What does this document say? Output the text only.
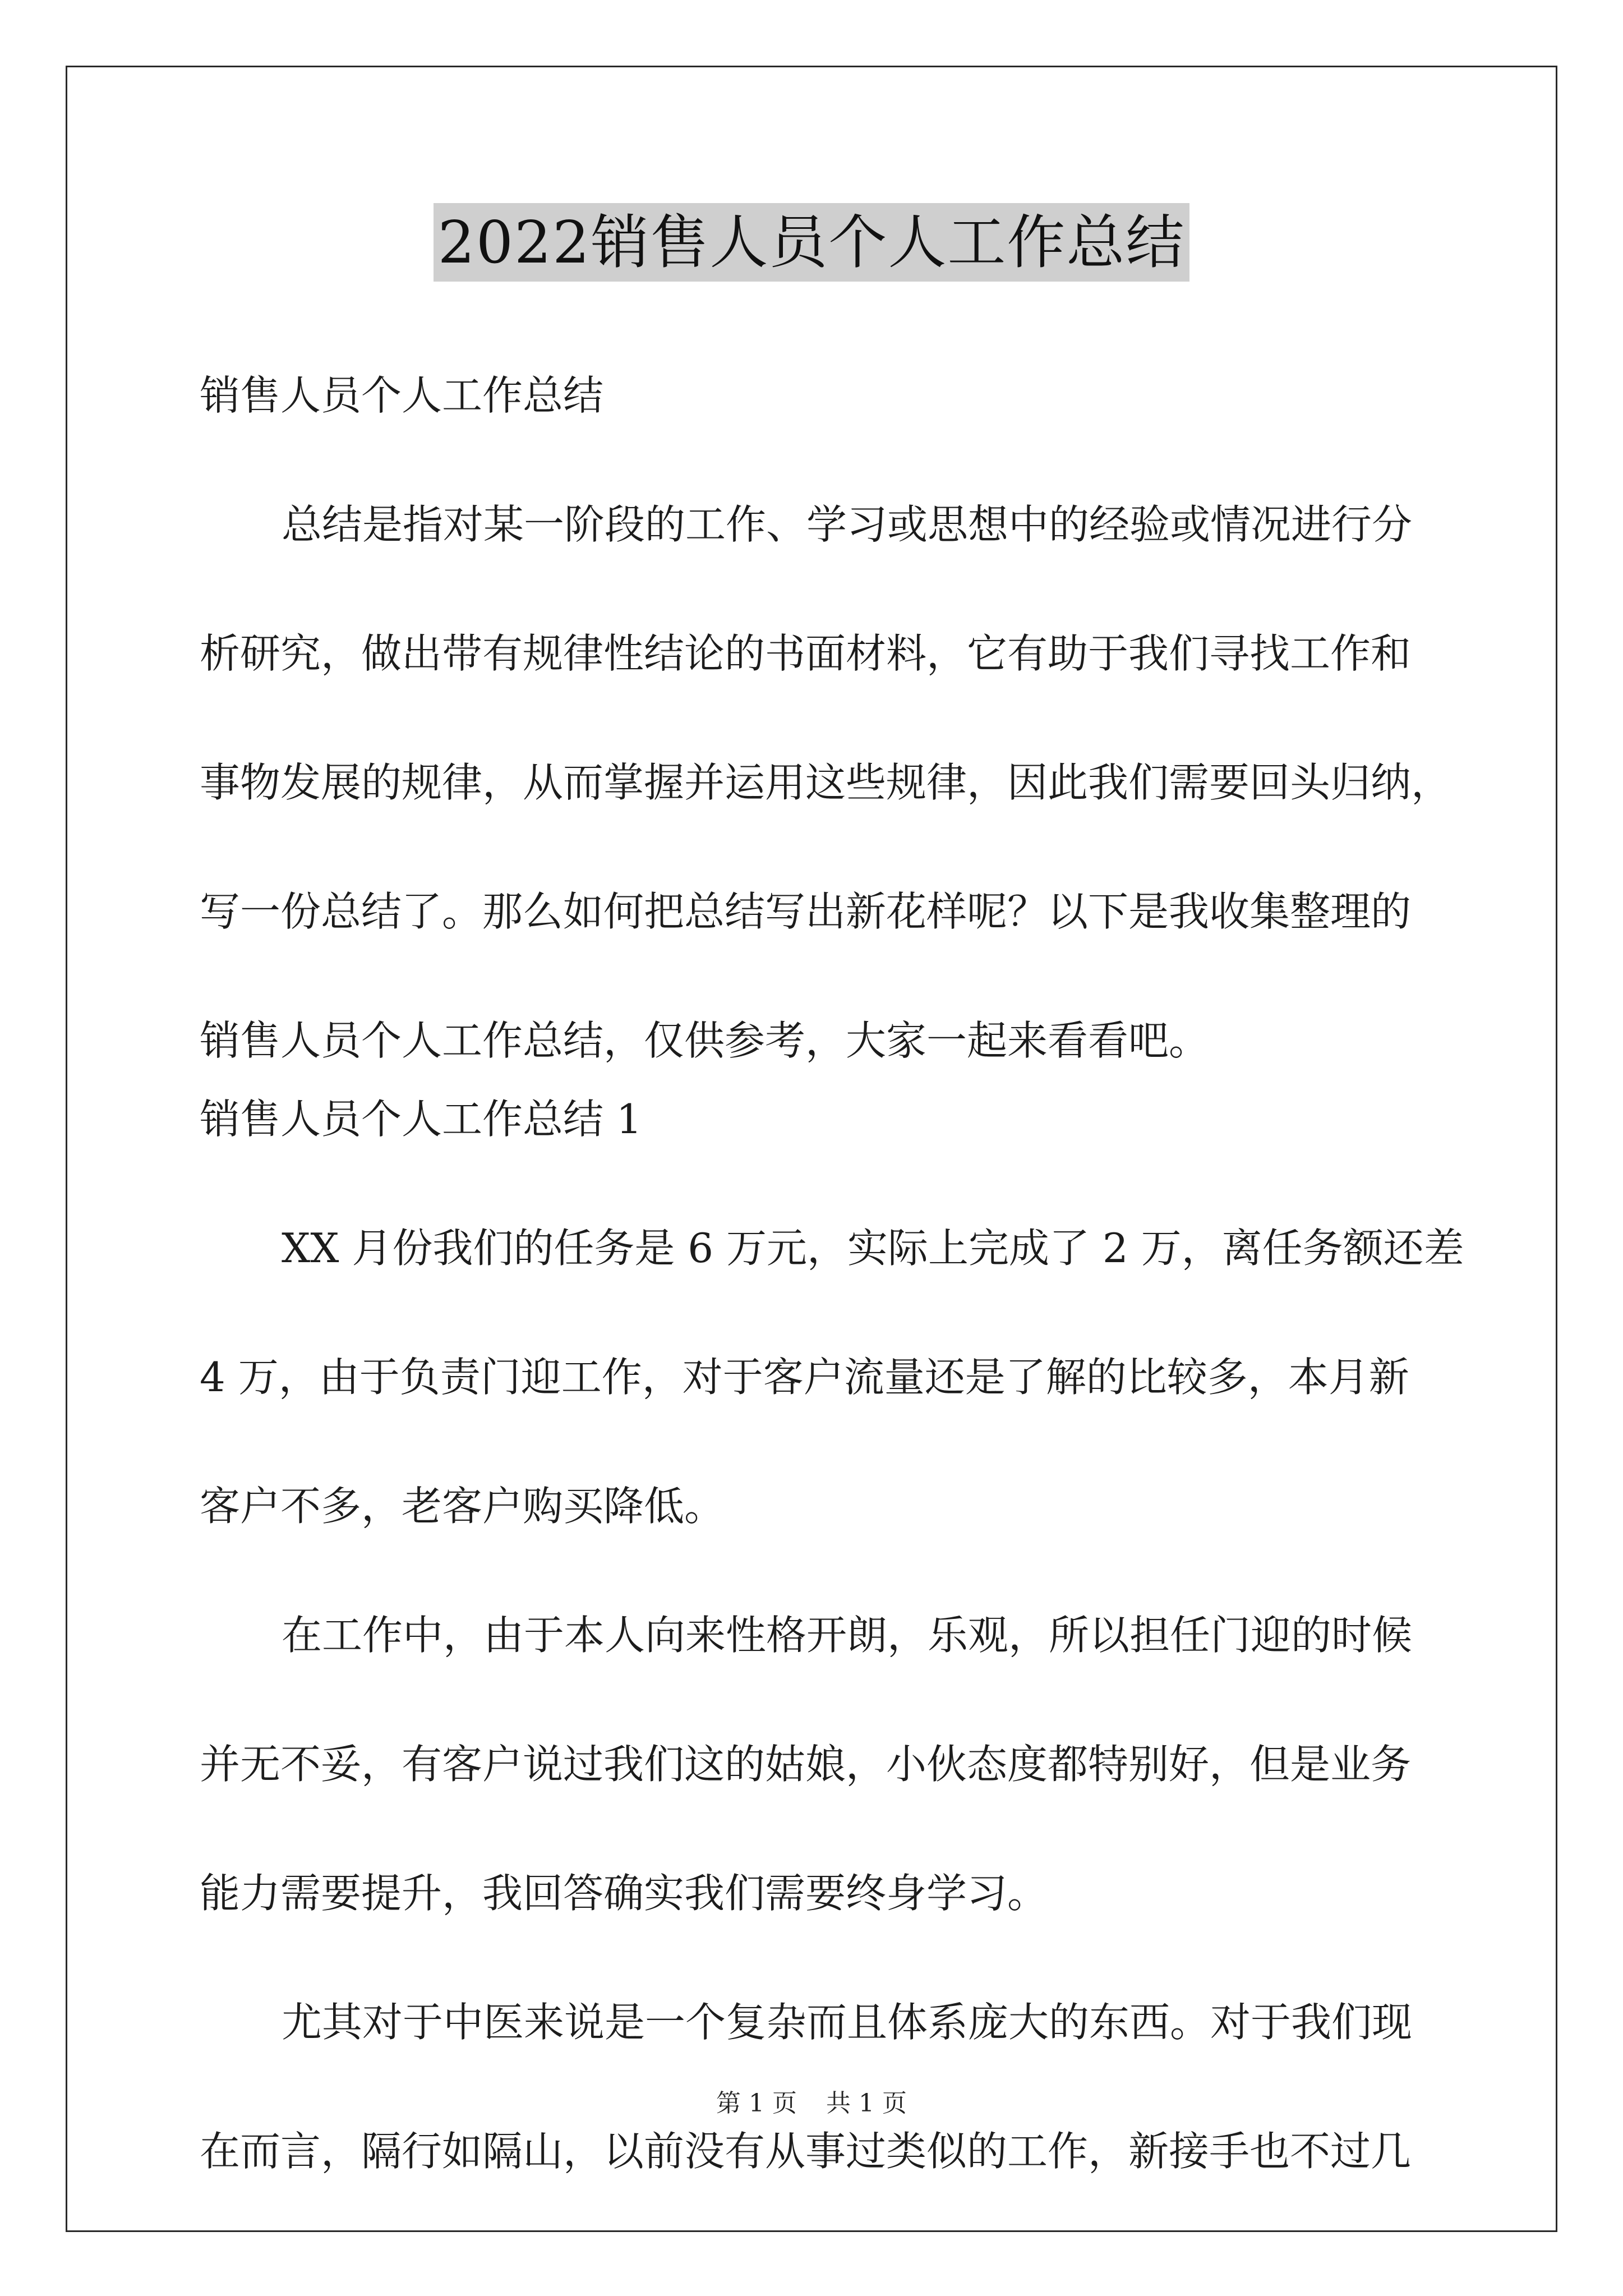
2022销售人员个人工作总结
销售人员个人工作总结
总结是指对某一阶段的工作、学习或思想中的经验或情况进行分
析研究，做出带有规律性结论的书面材料，它有助于我们寻找工作和
事物发展的规律，从而掌握并运用这些规律，因此我们需要回头归纳，
写一份总结了。那么如何把总结写出新花样呢？以下是我收集整理的
销售人员个人工作总结，仅供参考，大家一起来看看吧。
销售人员个人工作总结 1
XX 月份我们的任务是 6 万元，实际上完成了 2 万，离任务额还差
4 万，由于负责门迎工作，对于客户流量还是了解的比较多，本月新
客户不多，老客户购买降低。
在工作中，由于本人向来性格开朗，乐观，所以担任门迎的时候
并无不妥，有客户说过我们这的姑娘，小伙态度都特别好，但是业务
能力需要提升，我回答确实我们需要终身学习。
尤其对于中医来说是一个复杂而且体系庞大的东西。对于我们现
在而言，隔行如隔山，以前没有从事过类似的工作，新接手也不过几
第 1 页 共 1 页
